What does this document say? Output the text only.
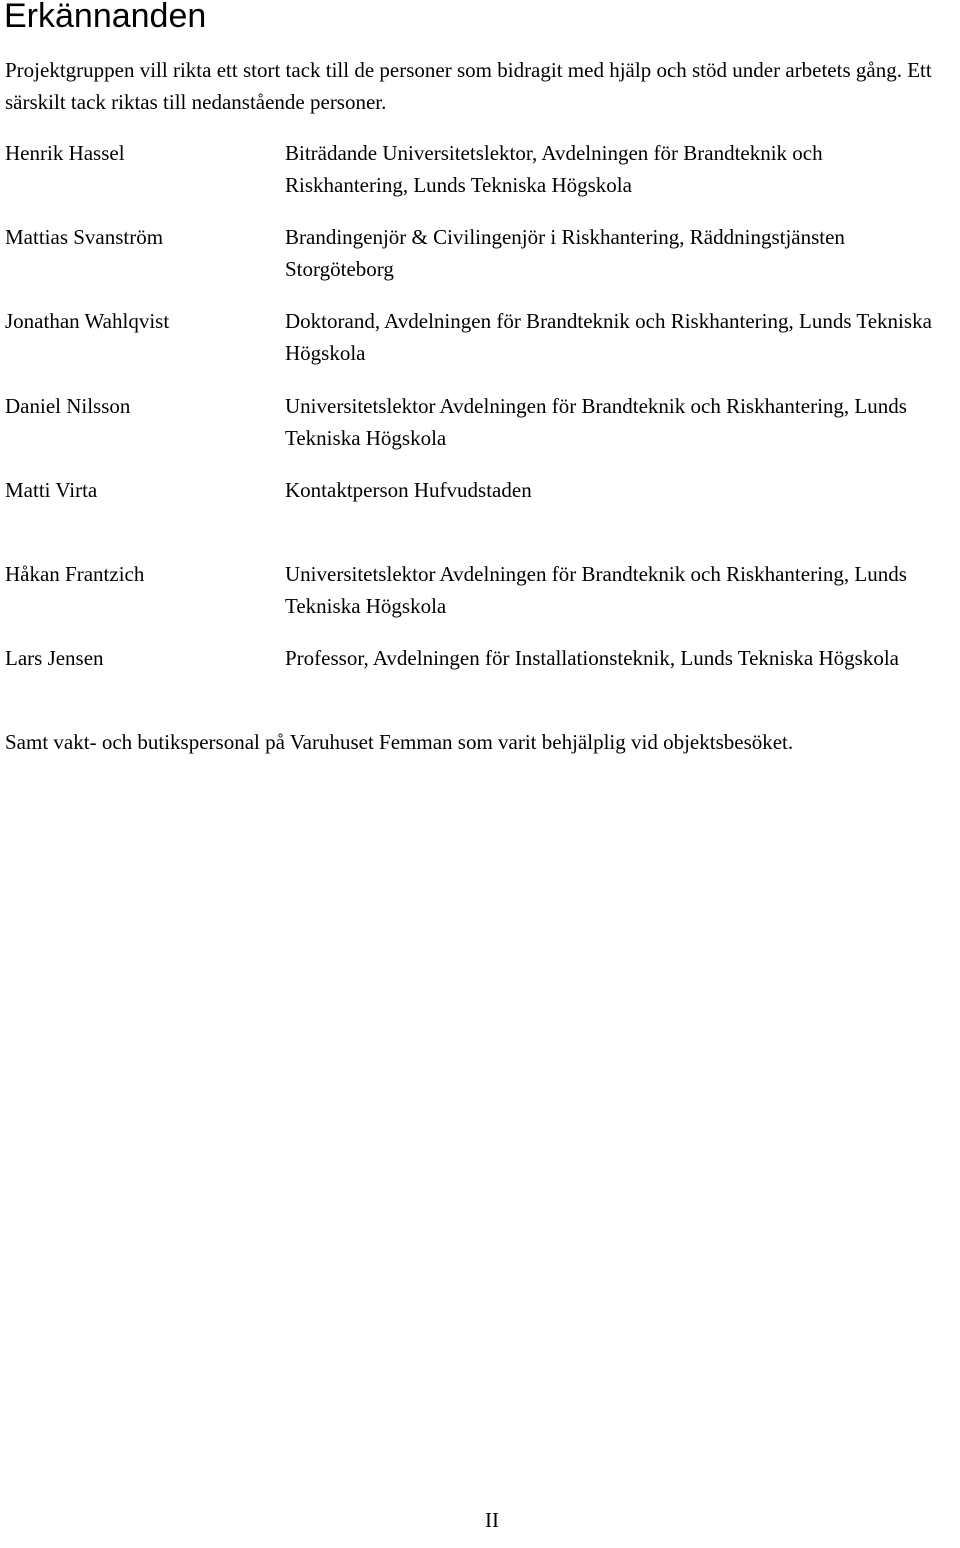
Erkännanden

Projektgruppen vill rikta ett stort tack till de personer som bidragit med hjälp och stöd under arbetets gång. Ett särskilt tack riktas till nedanstående personer.

Henrik Hassel	Biträdande Universitetslektor, Avdelningen för Brandteknik och Riskhantering, Lunds Tekniska Högskola
Mattias Svanström	Brandingenjör & Civilingenjör i Riskhantering, Räddningstjänsten Storgöteborg
Jonathan Wahlqvist	Doktorand, Avdelningen för Brandteknik och Riskhantering, Lunds Tekniska Högskola
Daniel Nilsson	Universitetslektor Avdelningen för Brandteknik och Riskhantering, Lunds Tekniska Högskola
Matti Virta	Kontaktperson Hufvudstaden
Håkan Frantzich	Universitetslektor Avdelningen för Brandteknik och Riskhantering, Lunds Tekniska Högskola
Lars Jensen	Professor, Avdelningen för Installationsteknik, Lunds Tekniska Högskola

Samt vakt- och butikspersonal på Varuhuset Femman som varit behjälplig vid objektsbesöket.

II
